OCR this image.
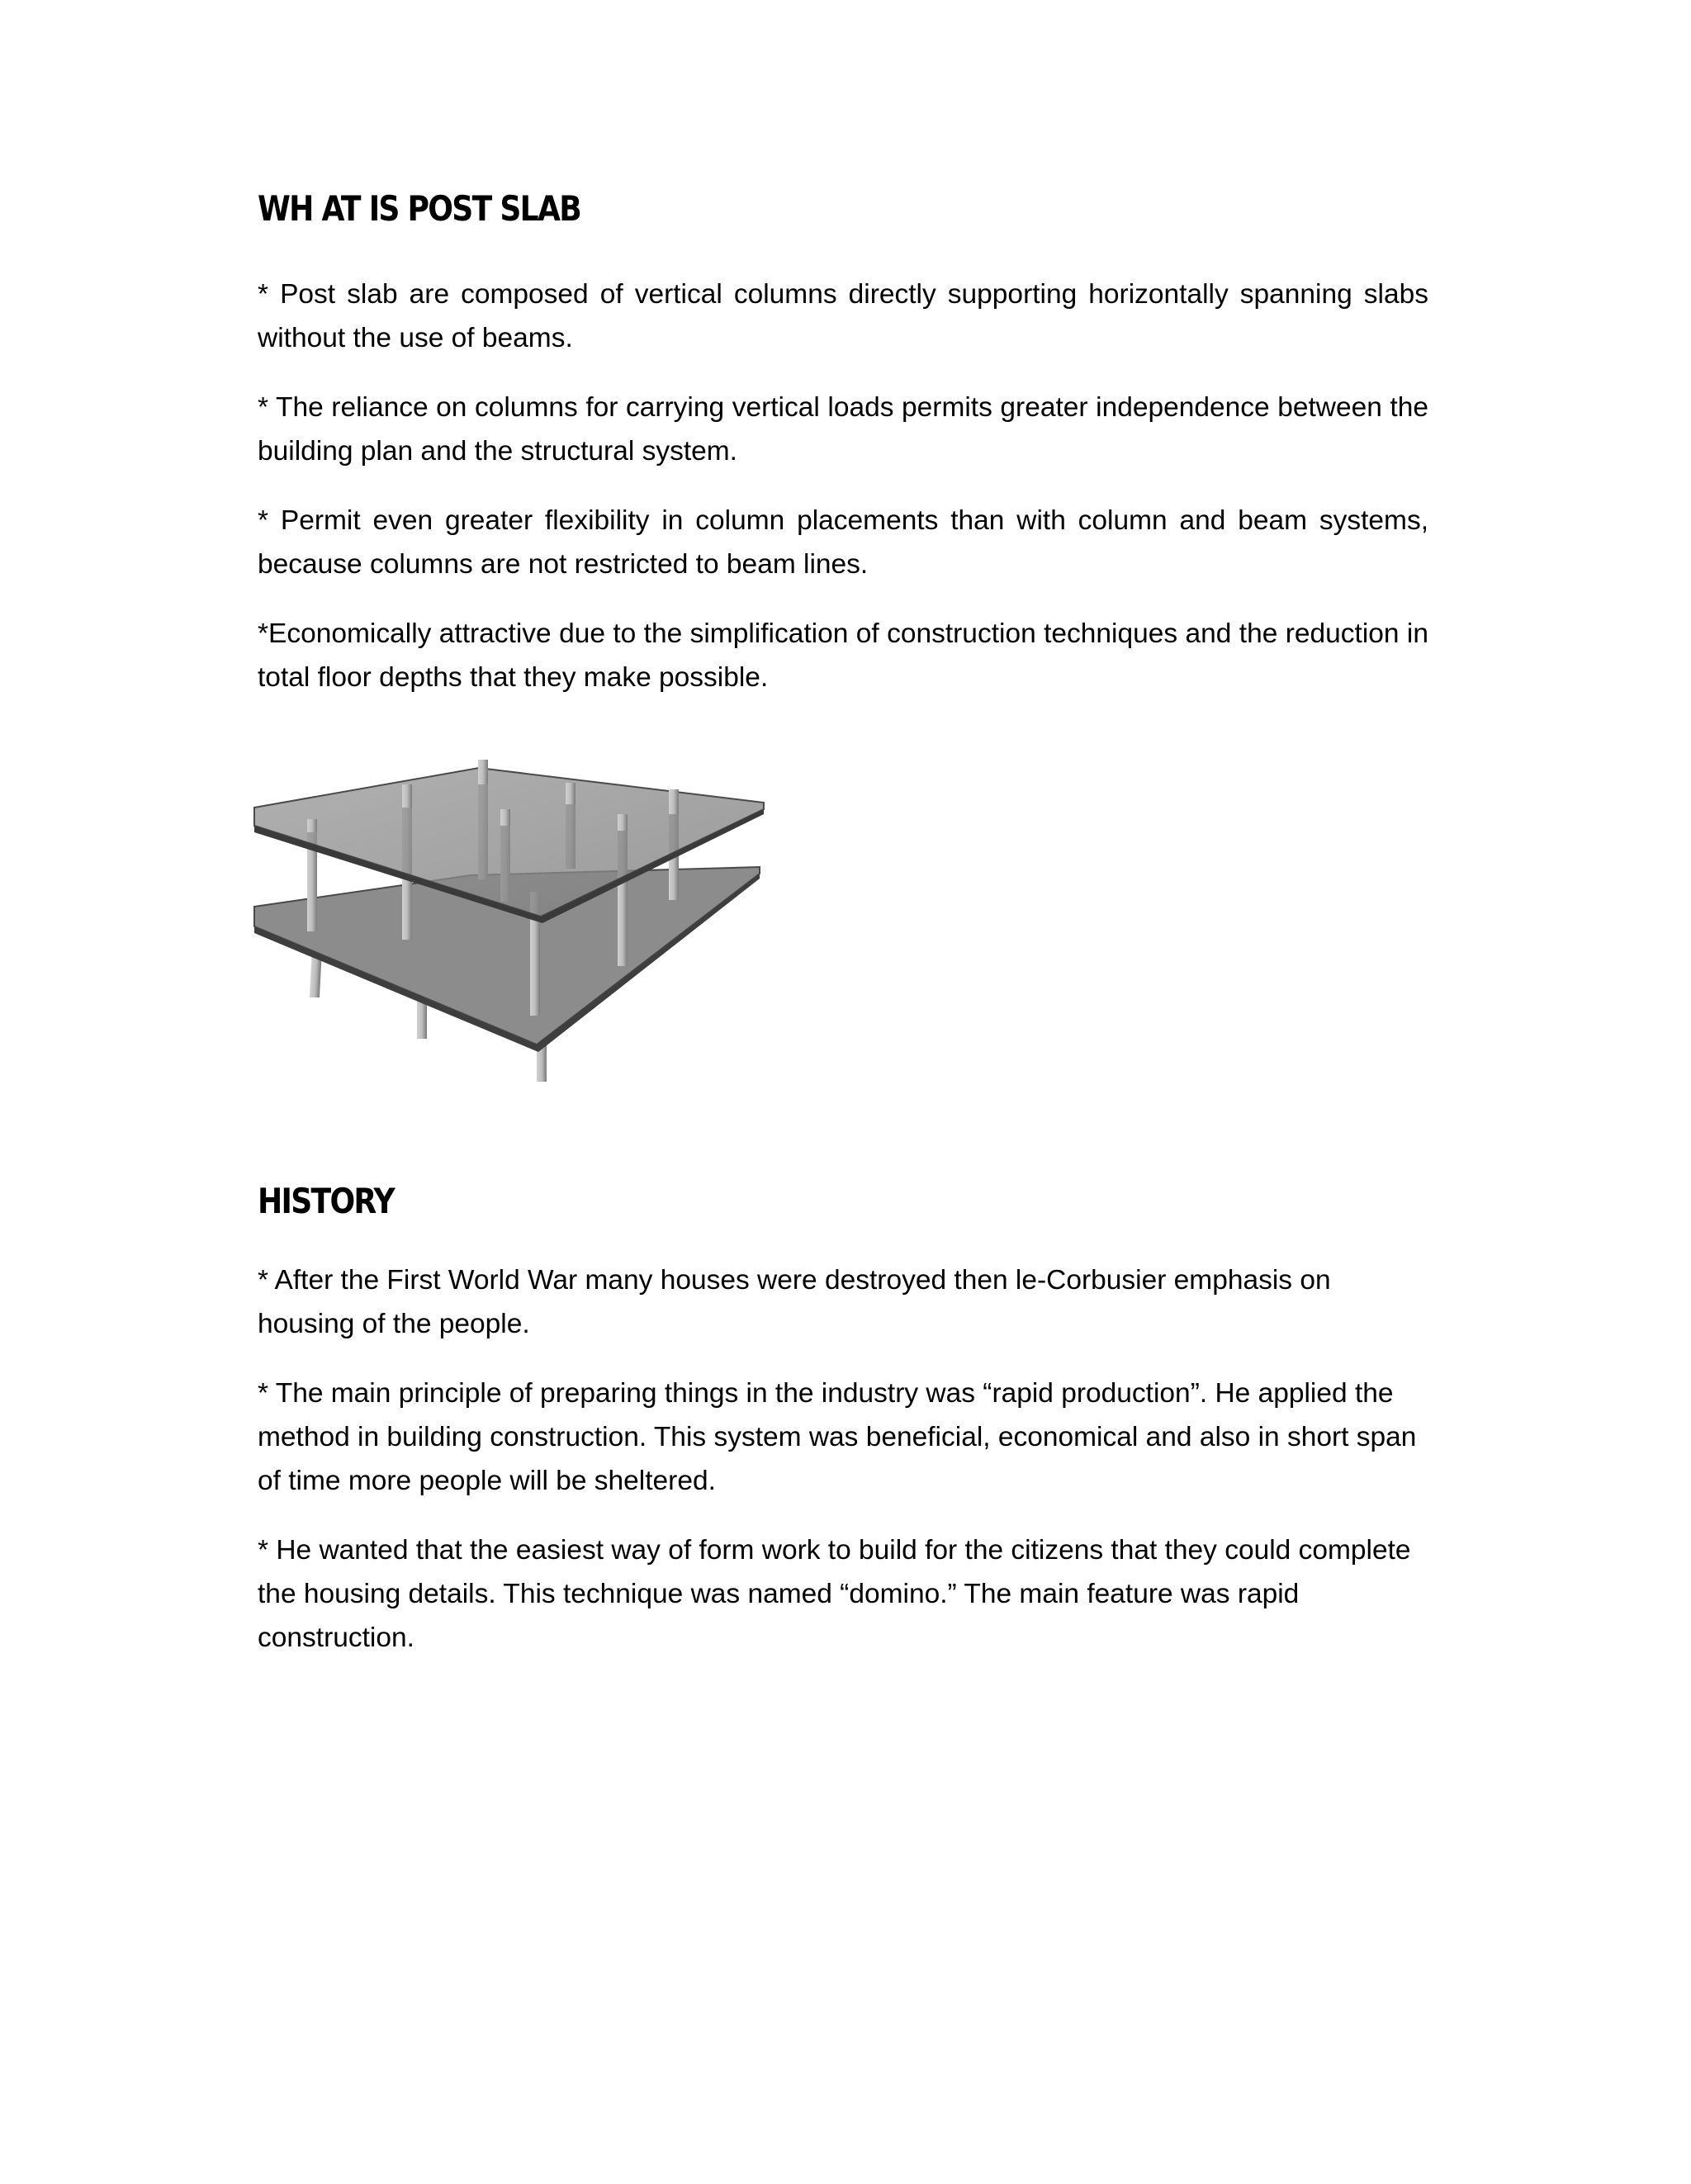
WH AT IS POST SLAB

* Post slab are composed of vertical columns directly supporting horizontally spanning slabs without the use of beams.

* The reliance on columns for carrying vertical loads permits greater independence between the building plan and the structural system.

* Permit even greater flexibility in column placements than with column and beam systems, because columns are not restricted to beam lines.

*Economically attractive due to the simplification of construction techniques and the reduction in total floor depths that they make possible.

HISTORY

* After the First World War many houses were destroyed then le-Corbusier emphasis on housing of the people.

* The main principle of preparing things in the industry was “rapid production”. He applied the method in building construction. This system was beneficial, economical and also in short span of time more people will be sheltered.

* He wanted that the easiest way of form work to build for the citizens that they could complete the housing details. This technique was named “domino.” The main feature was rapid construction.
